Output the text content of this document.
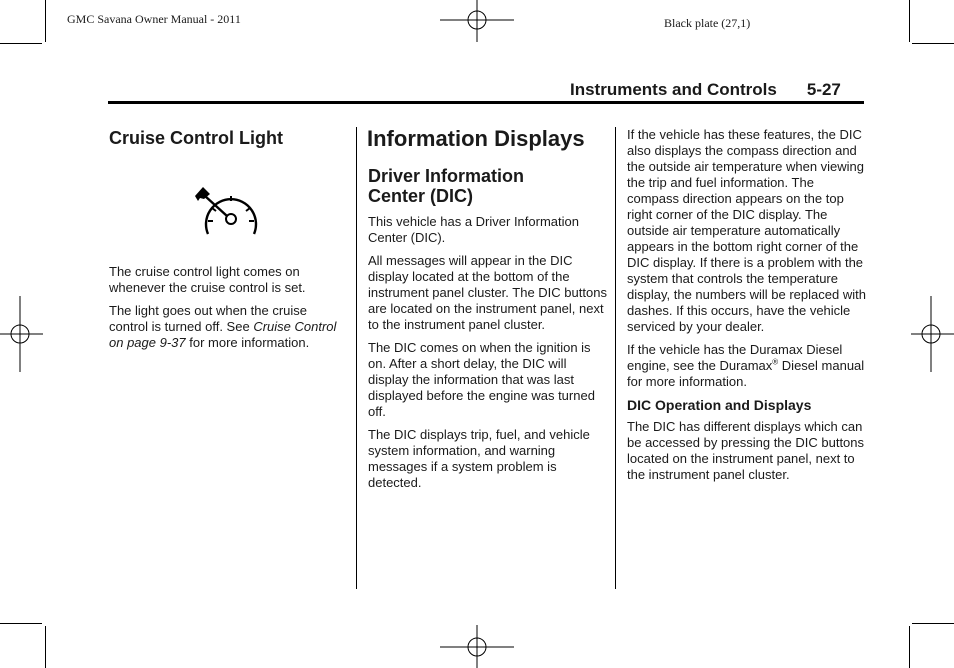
GMC Savana Owner Manual - 2011	Black plate (27,1)
Instruments and Controls 5-27
Cruise Control Light

The cruise control light comes on whenever the cruise control is set.

The light goes out when the cruise control is turned off. See Cruise Control on page 9-37 for more information.

Information Displays
Driver Information Center (DIC)

This vehicle has a Driver Information Center (DIC).

All messages will appear in the DIC display located at the bottom of the instrument panel cluster. The DIC buttons are located on the instrument panel, next to the instrument panel cluster.

The DIC comes on when the ignition is on. After a short delay, the DIC will display the information that was last displayed before the engine was turned off.

The DIC displays trip, fuel, and vehicle system information, and warning messages if a system problem is detected.

If the vehicle has these features, the DIC also displays the compass direction and the outside air temperature when viewing the trip and fuel information. The compass direction appears on the top right corner of the DIC display. The outside air temperature automatically appears in the bottom right corner of the DIC display. If there is a problem with the system that controls the temperature display, the numbers will be replaced with dashes. If this occurs, have the vehicle serviced by your dealer.

If the vehicle has the Duramax Diesel engine, see the Duramax® Diesel manual for more information.

DIC Operation and Displays

The DIC has different displays which can be accessed by pressing the DIC buttons located on the instrument panel, next to the instrument panel cluster.
